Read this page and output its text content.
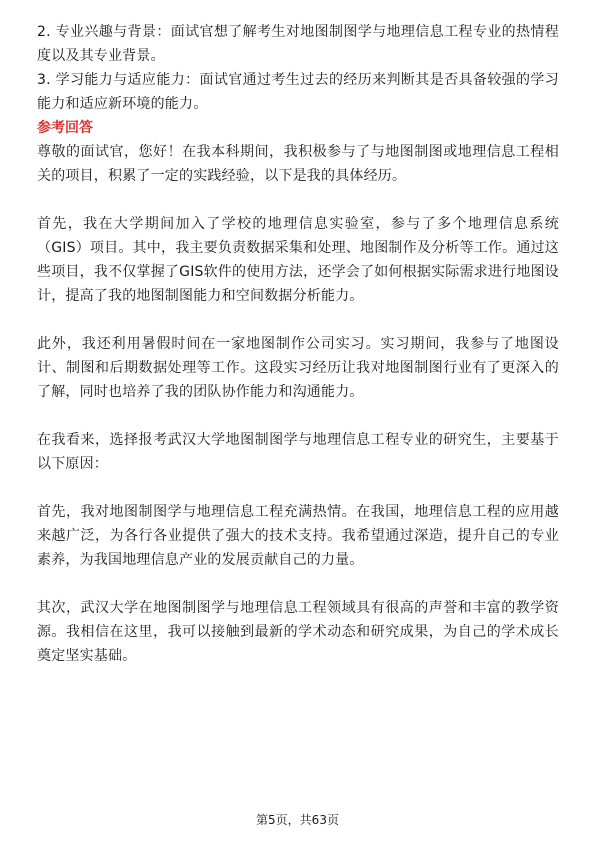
2. 专业兴趣与背景：面试官想了解考生对地图制图学与地理信息工程专业的热情程度以及其专业背景。

3. 学习能力与适应能力：面试官通过考生过去的经历来判断其是否具备较强的学习能力和适应新环境的能力。

参考回答

尊敬的面试官，您好！在我本科期间，我积极参与了与地图制图或地理信息工程相关的项目，积累了一定的实践经验，以下是我的具体经历。

首先，我在大学期间加入了学校的地理信息实验室，参与了多个地理信息系统（GIS）项目。其中，我主要负责数据采集和处理、地图制作及分析等工作。通过这些项目，我不仅掌握了GIS软件的使用方法，还学会了如何根据实际需求进行地图设计，提高了我的地图制图能力和空间数据分析能力。

此外，我还利用暑假时间在一家地图制作公司实习。实习期间，我参与了地图设计、制图和后期数据处理等工作。这段实习经历让我对地图制图行业有了更深入的了解，同时也培养了我的团队协作能力和沟通能力。

在我看来，选择报考武汉大学地图制图学与地理信息工程专业的研究生，主要基于以下原因：

首先，我对地图制图学与地理信息工程充满热情。在我国，地理信息工程的应用越来越广泛，为各行各业提供了强大的技术支持。我希望通过深造，提升自己的专业素养，为我国地理信息产业的发展贡献自己的力量。

其次，武汉大学在地图制图学与地理信息工程领域具有很高的声誉和丰富的教学资源。我相信在这里，我可以接触到最新的学术动态和研究成果，为自己的学术成长奠定坚实基础。

第5页，共63页
